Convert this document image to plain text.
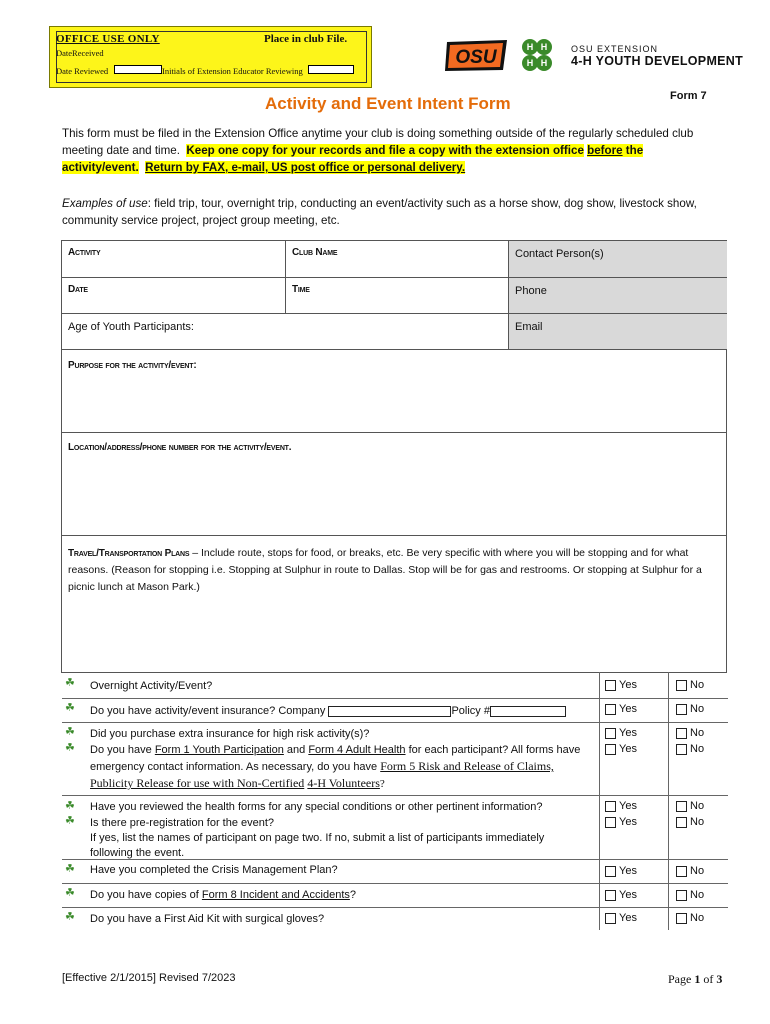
OFFICE USE ONLY	Place in club File.
DateReceived
Date Reviewed	Initials of Extension Educator Reviewing
OSU	H H
H H
OSU EXTENSION
4-H YOUTH DEVELOPMENT
Activity and Event Intent Form	Form 7
This form must be filed in the Extension Office anytime your club is doing something outside of the regularly scheduled club meeting date and time. Keep one copy for your records and file a copy with the extension office before the activity/event. Return by FAX, e-mail, US post office or personal delivery.
Examples of use: field trip, tour, overnight trip, conducting an event/activity such as a horse show, dog show, livestock show, community service project, project group meeting, etc.
Activity	Club Name	Contact Person(s)
Date	Time	Phone
Age of Youth Participants:	Email
Purpose for the activity/event:
Location/address/phone number for the activity/event.
Travel/Transportation Plans – Include route, stops for food, or breaks, etc. Be very specific with where you will be stopping and for what reasons. (Reason for stopping i.e. Stopping at Sulphur in route to Dallas. Stop will be for gas and restrooms. Or stopping at Sulphur for a picnic lunch at Mason Park.)
☘ Overnight Activity/Event?	Yes	No
☘ Do you have activity/event insurance? Company	Policy #	Yes	No
☘ Did you purchase extra insurance for high risk activity(s)?	Yes	No
☘ Do you have Form 1 Youth Participation and Form 4 Adult Health for each participant? All forms have emergency contact information. As necessary, do you have Form 5 Risk and Release of Claims, Publicity Release for use with Non-Certified 4-H Volunteers?
Yes	No
☘ Have you reviewed the health forms for any special conditions or other pertinent information?	Yes	No
☘ Is there pre-registration for the event?
If yes, list the names of participant on page two. If no, submit a list of participants immediately following the event.
Yes	No
☘ Have you completed the Crisis Management Plan?	Yes	No
☘ Do you have copies of Form 8 Incident and Accidents?	Yes	No
☘ Do you have a First Aid Kit with surgical gloves?	Yes	No
[Effective 2/1/2015] Revised 7/2023	Page 1 of 3
